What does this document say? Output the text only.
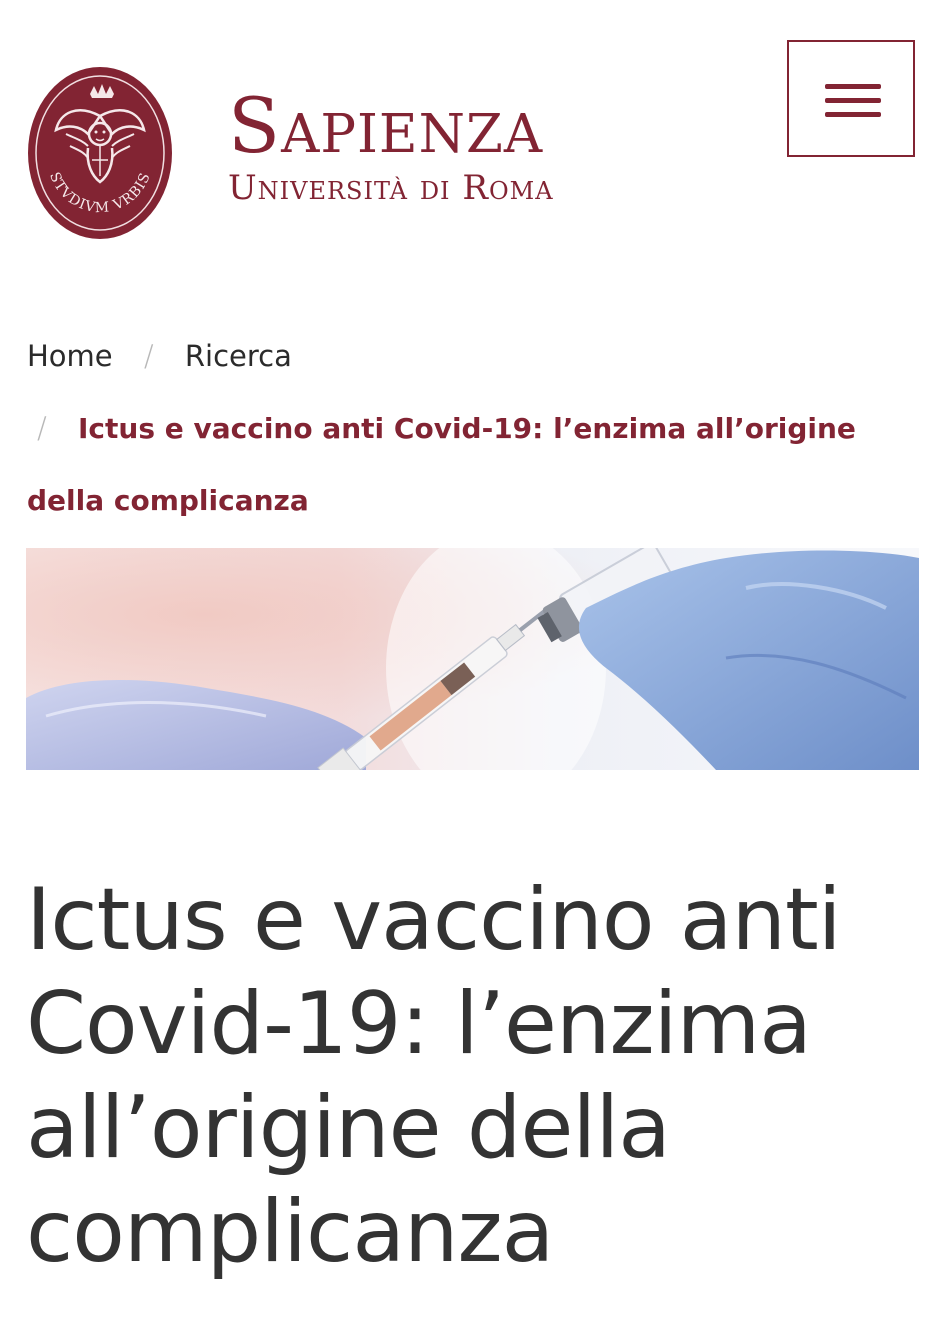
STVDIVM VRBIS
Sapienza
Università di Roma
Home / Ricerca
/ Ictus e vaccino anti Covid-19: l’enzima all’origine
della complicanza
Ictus e vaccino anti Covid-19: l’enzima all’origine della complicanza
